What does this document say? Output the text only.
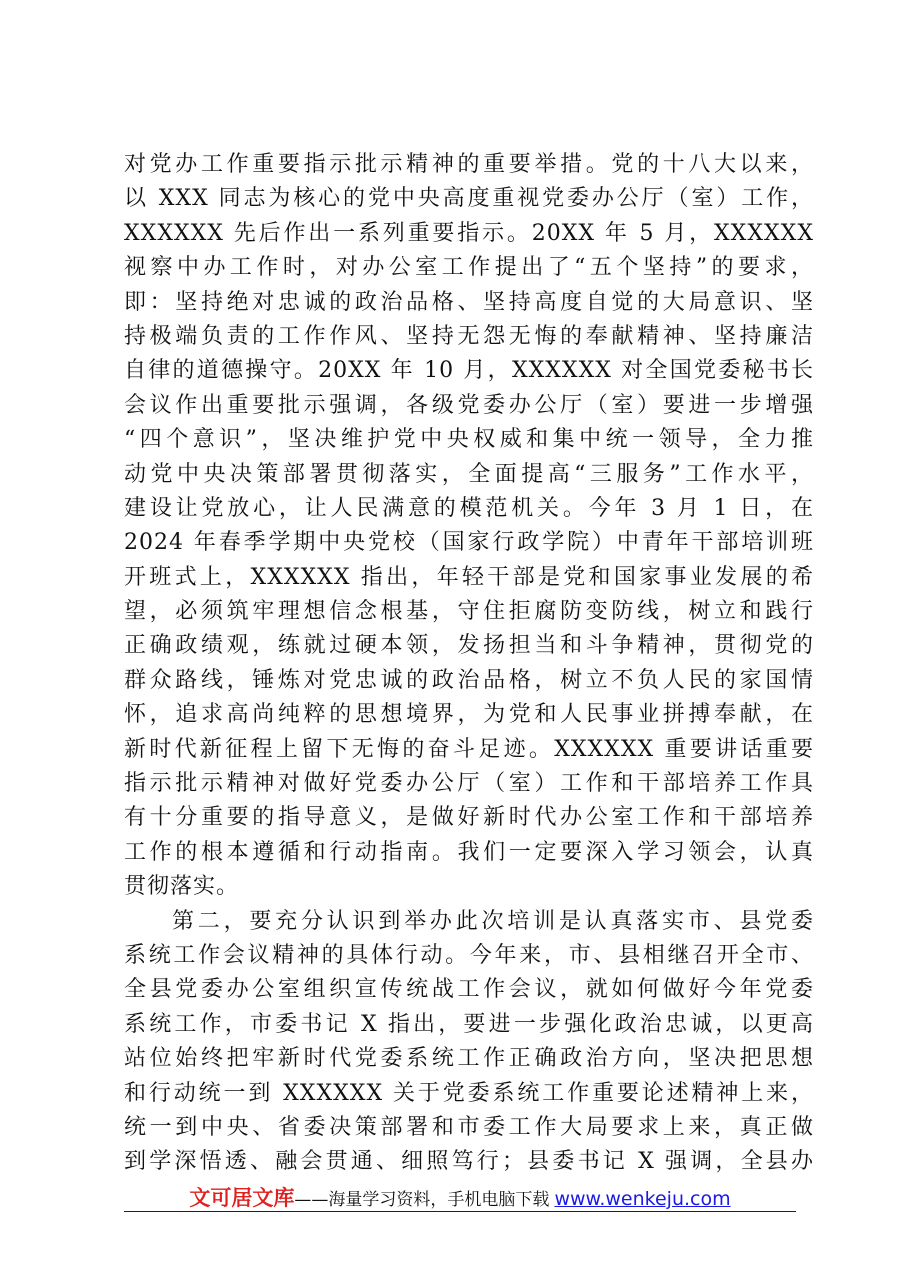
对党办工作重要指示批示精神的重要举措。党的十八大以来，
以 XXX 同志为核心的党中央高度重视党委办公厅（室）工作，
XXXXXX 先后作出一系列重要指示。20XX 年 5 月，XXXXXX
视察中办工作时，对办公室工作提出了“五个坚持”的要求，
即：坚持绝对忠诚的政治品格、坚持高度自觉的大局意识、坚
持极端负责的工作作风、坚持无怨无悔的奉献精神、坚持廉洁
自律的道德操守。20XX 年 10 月，XXXXXX 对全国党委秘书长
会议作出重要批示强调，各级党委办公厅（室）要进一步增强
“四个意识”，坚决维护党中央权威和集中统一领导，全力推
动党中央决策部署贯彻落实，全面提高“三服务”工作水平，
建设让党放心，让人民满意的模范机关。今年 3 月 1 日，在
2024 年春季学期中央党校（国家行政学院）中青年干部培训班
开班式上，XXXXXX 指出，年轻干部是党和国家事业发展的希
望，必须筑牢理想信念根基，守住拒腐防变防线，树立和践行
正确政绩观，练就过硬本领，发扬担当和斗争精神，贯彻党的
群众路线，锤炼对党忠诚的政治品格，树立不负人民的家国情
怀，追求高尚纯粹的思想境界，为党和人民事业拼搏奉献，在
新时代新征程上留下无悔的奋斗足迹。XXXXXX 重要讲话重要
指示批示精神对做好党委办公厅（室）工作和干部培养工作具
有十分重要的指导意义，是做好新时代办公室工作和干部培养
工作的根本遵循和行动指南。我们一定要深入学习领会，认真
贯彻落实。
第二，要充分认识到举办此次培训是认真落实市、县党委
系统工作会议精神的具体行动。今年来，市、县相继召开全市、
全县党委办公室组织宣传统战工作会议，就如何做好今年党委
系统工作，市委书记 X 指出，要进一步强化政治忠诚，以更高
站位始终把牢新时代党委系统工作正确政治方向，坚决把思想
和行动统一到 XXXXXX 关于党委系统工作重要论述精神上来，
统一到中央、省委决策部署和市委工作大局要求上来，真正做
到学深悟透、融会贯通、细照笃行；县委书记 X 强调，全县办
文可居文库——海量学习资料，手机电脑下载 www.wenkeju.com
